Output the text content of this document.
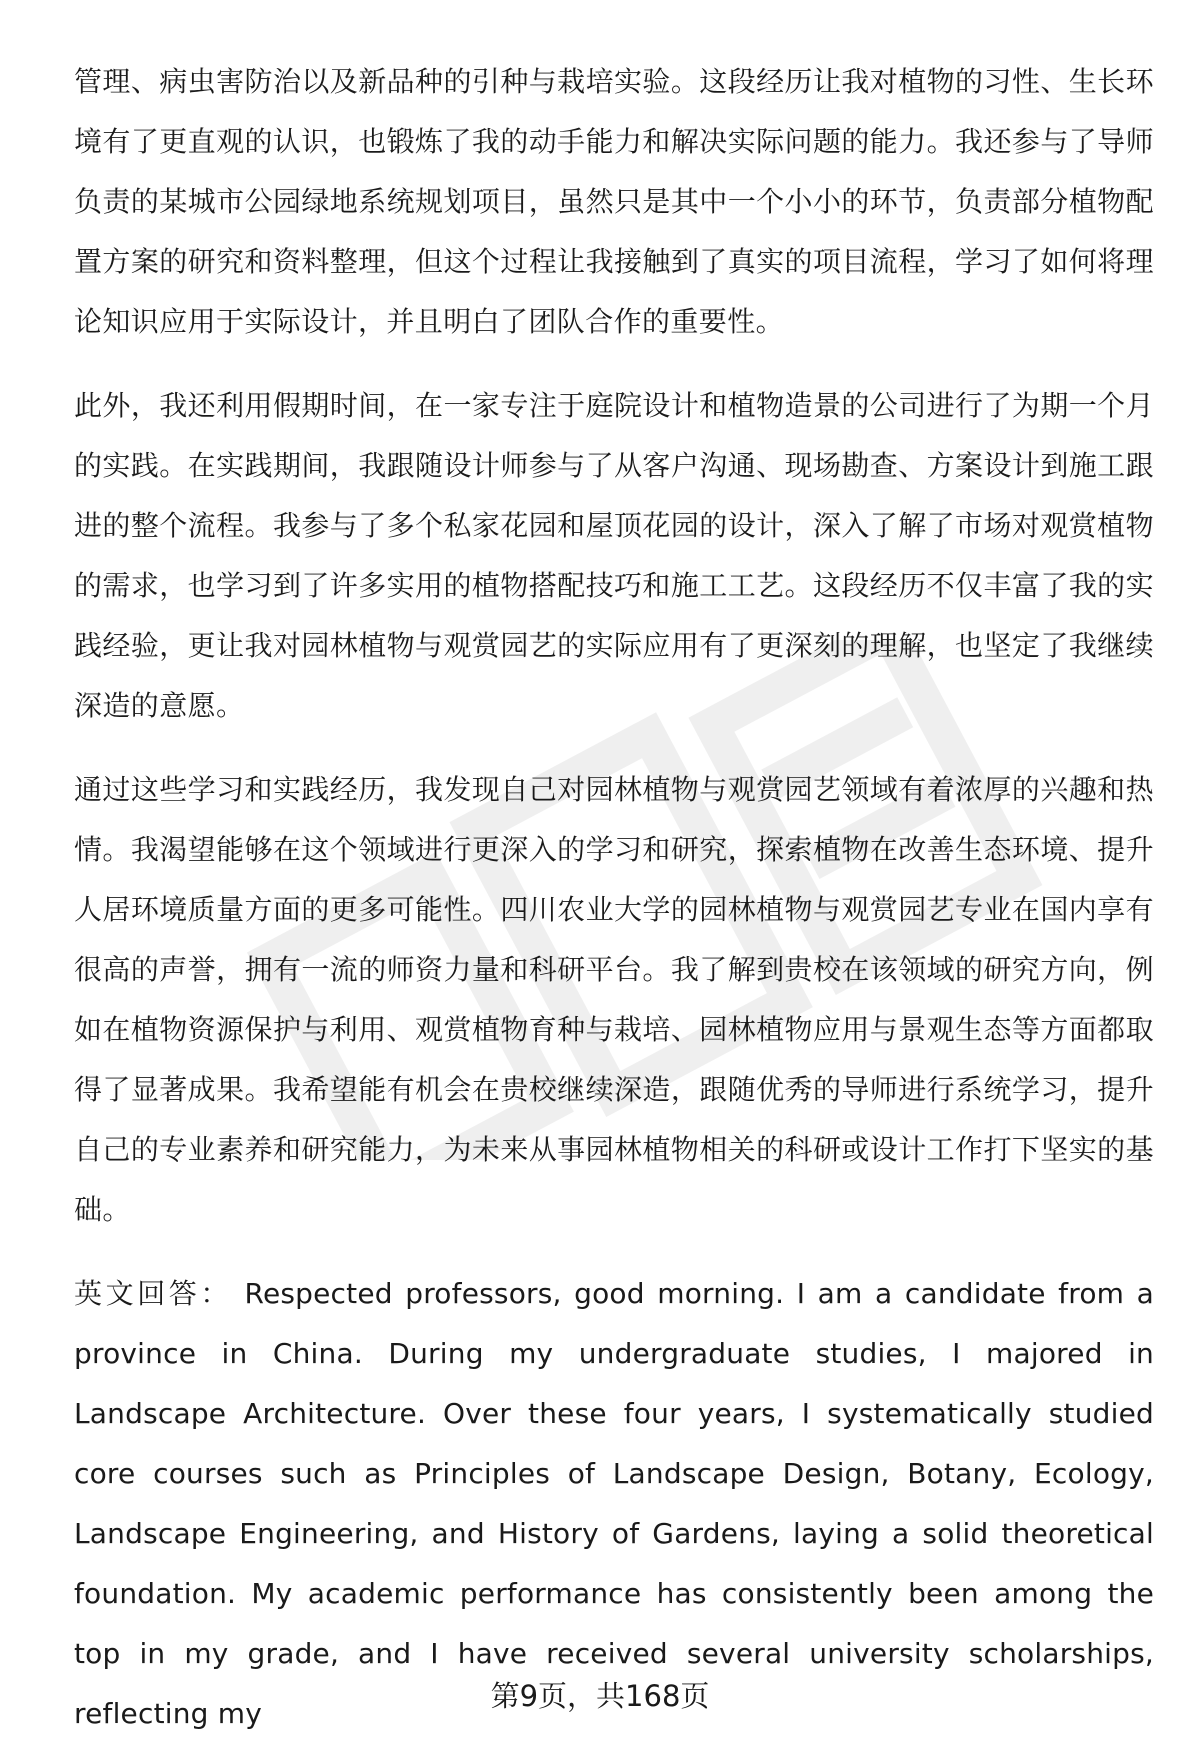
管理、病虫害防治以及新品种的引种与栽培实验。这段经历让我对植物的习性、生长环境有了更直观的认识，也锻炼了我的动手能力和解决实际问题的能力。我还参与了导师负责的某城市公园绿地系统规划项目，虽然只是其中一个小小的环节，负责部分植物配置方案的研究和资料整理，但这个过程让我接触到了真实的项目流程，学习了如何将理论知识应用于实际设计，并且明白了团队合作的重要性。

此外，我还利用假期时间，在一家专注于庭院设计和植物造景的公司进行了为期一个月的实践。在实践期间，我跟随设计师参与了从客户沟通、现场勘查、方案设计到施工跟进的整个流程。我参与了多个私家花园和屋顶花园的设计，深入了解了市场对观赏植物的需求，也学习到了许多实用的植物搭配技巧和施工工艺。这段经历不仅丰富了我的实践经验，更让我对园林植物与观赏园艺的实际应用有了更深刻的理解，也坚定了我继续深造的意愿。

通过这些学习和实践经历，我发现自己对园林植物与观赏园艺领域有着浓厚的兴趣和热情。我渴望能够在这个领域进行更深入的学习和研究，探索植物在改善生态环境、提升人居环境质量方面的更多可能性。四川农业大学的园林植物与观赏园艺专业在国内享有很高的声誉，拥有一流的师资力量和科研平台。我了解到贵校在该领域的研究方向，例如在植物资源保护与利用、观赏植物育种与栽培、园林植物应用与景观生态等方面都取得了显著成果。我希望能有机会在贵校继续深造，跟随优秀的导师进行系统学习，提升自己的专业素养和研究能力，为未来从事园林植物相关的科研或设计工作打下坚实的基础。

英文回答： Respected professors, good morning. I am a candidate from a province in China. During my undergraduate studies, I majored in Landscape Architecture. Over these four years, I systematically studied core courses such as Principles of Landscape Design, Botany, Ecology, Landscape Engineering, and History of Gardens, laying a solid theoretical foundation. My academic performance has consistently been among the top in my grade, and I have received several university scholarships, reflecting my

第9页，共168页
